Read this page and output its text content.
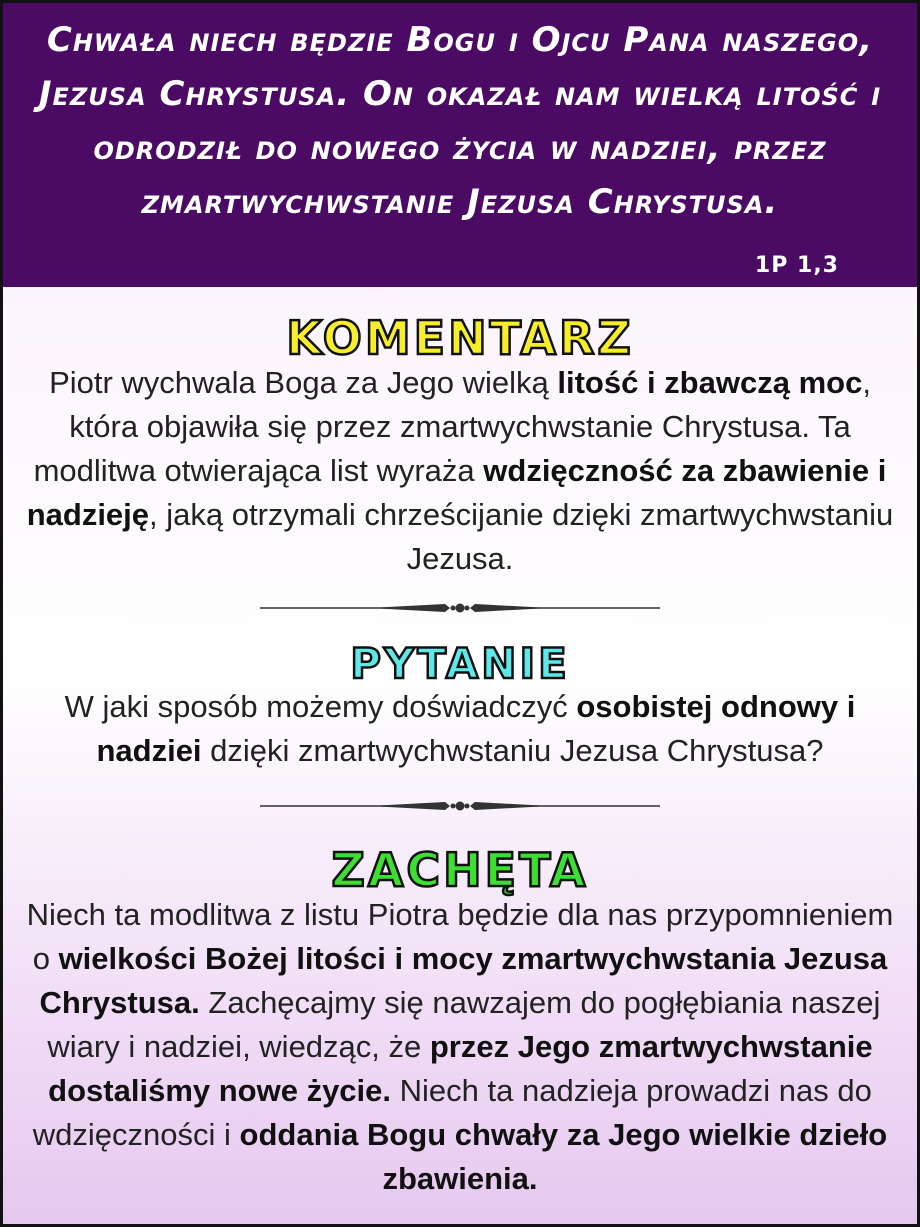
Chwała niech będzie Bogu i Ojcu Pana naszego, Jezusa Chrystusa. On okazał nam wielką litość i odrodził do nowego życia w nadziei, przez zmartwychwstanie Jezusa Chrystusa.

1P 1,3
KOMENTARZ

Piotr wychwala Boga za Jego wielką litość i zbawczą moc, która objawiła się przez zmartwychwstanie Chrystusa. Ta modlitwa otwierająca list wyraża wdzięczność za zbawienie i nadzieję, jaką otrzymali chrześcijanie dzięki zmartwychwstaniu Jezusa.

PYTANIE

W jaki sposób możemy doświadczyć osobistej odnowy i nadziei dzięki zmartwychwstaniu Jezusa Chrystusa?

ZACHĘTA

Niech ta modlitwa z listu Piotra będzie dla nas przypomnieniem o wielkości Bożej litości i mocy zmartwychwstania Jezusa Chrystusa. Zachęcajmy się nawzajem do pogłębiania naszej wiary i nadziei, wiedząc, że przez Jego zmartwychwstanie dostaliśmy nowe życie. Niech ta nadzieja prowadzi nas do wdzięczności i oddania Bogu chwały za Jego wielkie dzieło zbawienia.
